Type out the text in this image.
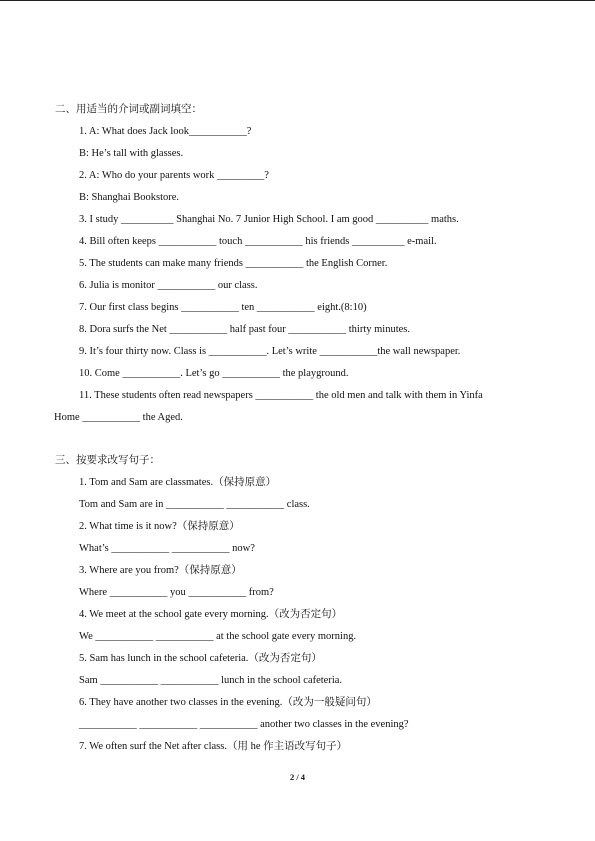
二、用适当的介词或副词填空：
1. A: What does Jack look___________?
B: He’s tall with glasses.
2. A: Who do your parents work _________?
B: Shanghai Bookstore.
3. I study __________ Shanghai No. 7 Junior High School. I am good __________ maths.
4. Bill often keeps ___________ touch ___________ his friends __________ e-mail.
5. The students can make many friends ___________ the English Corner.
6. Julia is monitor ___________ our class.
7. Our first class begins ___________ ten ___________ eight.(8:10)
8. Dora surfs the Net ___________ half past four ___________ thirty minutes.
9. It’s four thirty now. Class is ___________. Let’s write ___________the wall newspaper.
10. Come ___________. Let’s go ___________ the playground.
11. These students often read newspapers ___________ the old men and talk with them in Yinfa
Home ___________ the Aged.
三、按要求改写句子：
1. Tom and Sam are classmates.（保持原意）
Tom and Sam are in ___________ ___________ class.
2. What time is it now?（保持原意）
What’s ___________ ___________ now?
3. Where are you from?（保持原意）
Where ___________ you ___________ from?
4. We meet at the school gate every morning.（改为否定句）
We ___________ ___________ at the school gate every morning.
5. Sam has lunch in the school cafeteria.（改为否定句）
Sam ___________ ___________ lunch in the school cafeteria.
6. They have another two classes in the evening.（改为一般疑问句）
___________ ___________ ___________ another two classes in the evening?
7. We often surf the Net after class.（用 he 作主语改写句子）
2 / 4
